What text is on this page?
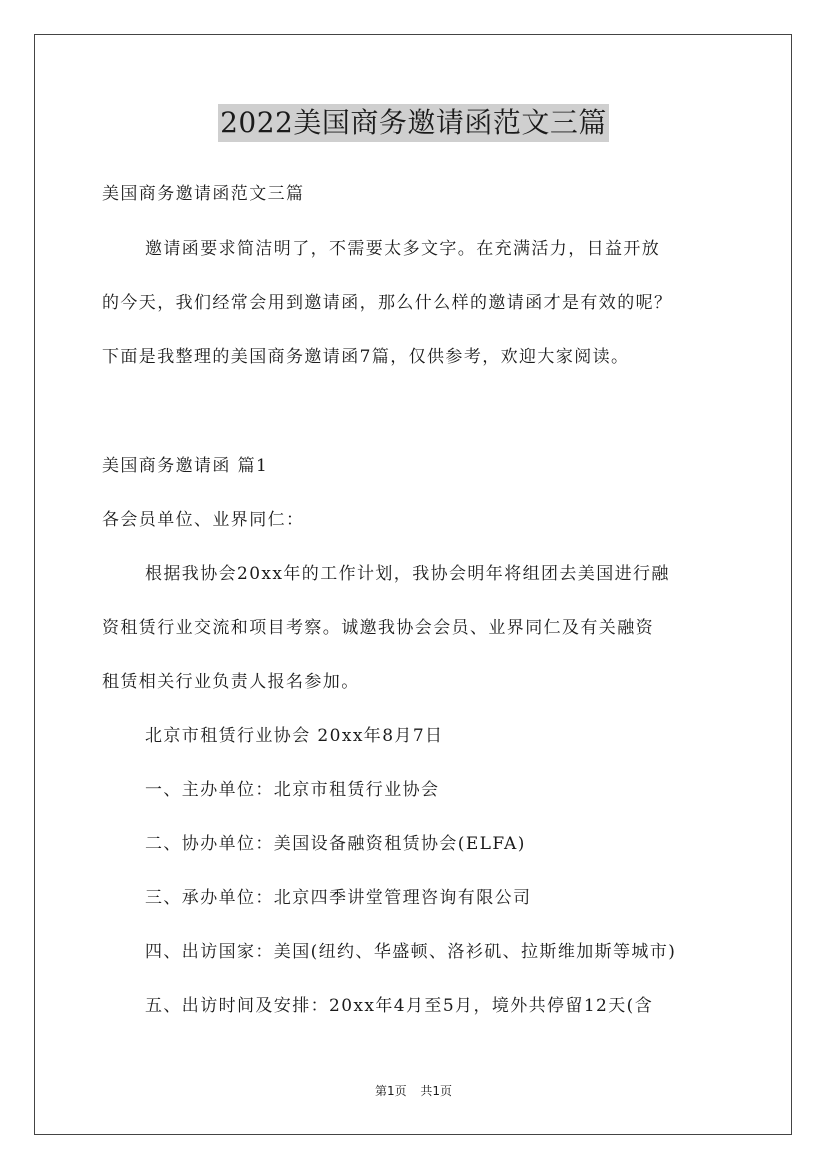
2022美国商务邀请函范文三篇
美国商务邀请函范文三篇
邀请函要求简洁明了，不需要太多文字。在充满活力，日益开放
的今天，我们经常会用到邀请函，那么什么样的邀请函才是有效的呢？
下面是我整理的美国商务邀请函7篇，仅供参考，欢迎大家阅读。
美国商务邀请函 篇1
各会员单位、业界同仁：
根据我协会20xx年的工作计划，我协会明年将组团去美国进行融
资租赁行业交流和项目考察。诚邀我协会会员、业界同仁及有关融资
租赁相关行业负责人报名参加。
北京市租赁行业协会 20xx年8月7日
一、主办单位：北京市租赁行业协会
二、协办单位：美国设备融资租赁协会(ELFA)
三、承办单位：北京四季讲堂管理咨询有限公司
四、出访国家：美国(纽约、华盛顿、洛衫矶、拉斯维加斯等城市)
五、出访时间及安排：20xx年4月至5月，境外共停留12天(含
第1页 共1页
